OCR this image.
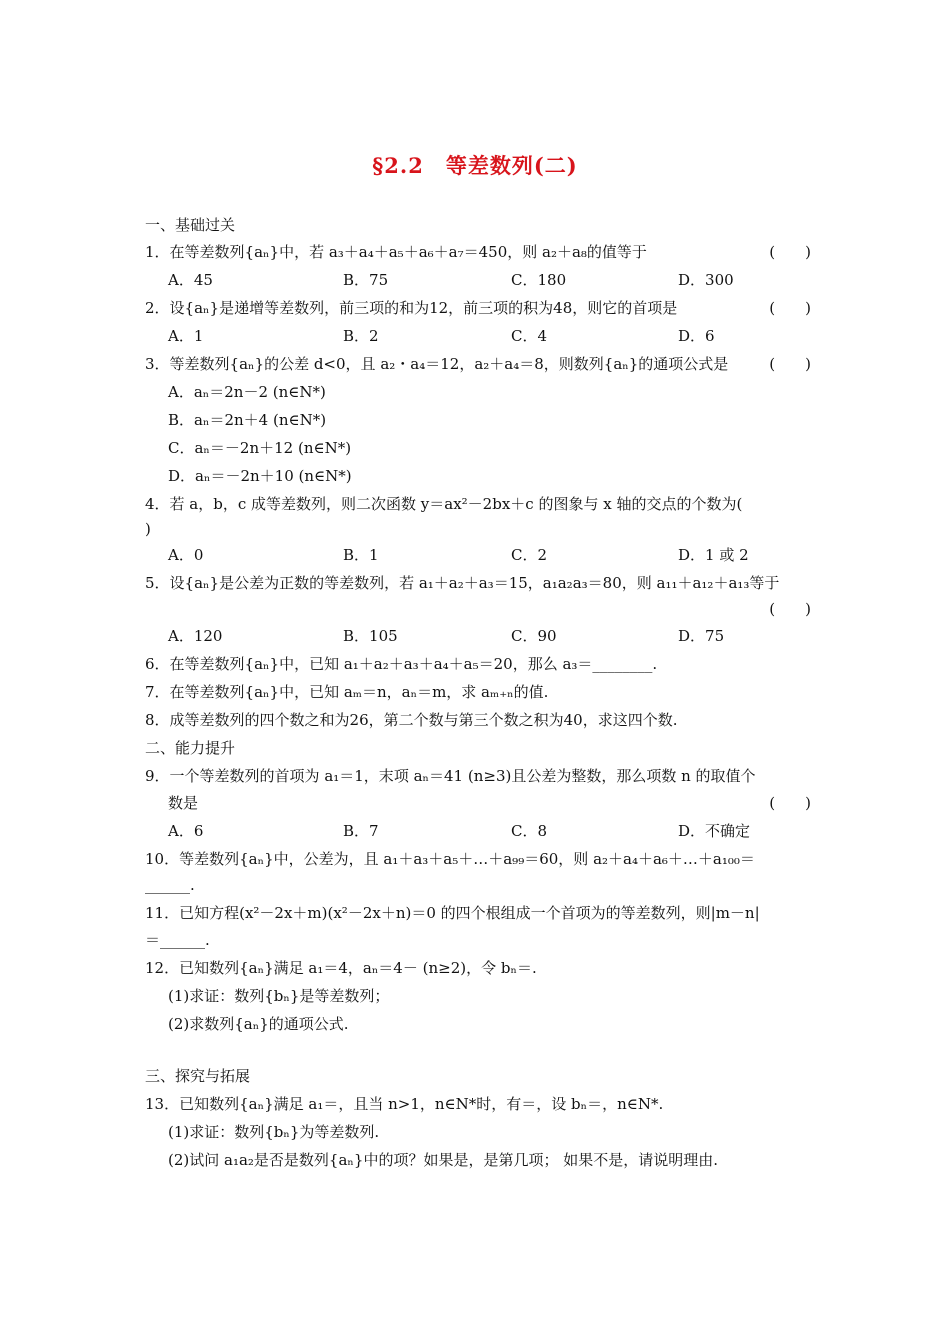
§2.2　等差数列(二)
一、基础过关
1．在等差数列{aₙ}中，若 a₃＋a₄＋a₅＋a₆＋a₇＝450，则 a₂＋a₈的值等于	(　　)
A．45	B．75	C．180	D．300
2．设{aₙ}是递增等差数列，前三项的和为12，前三项的积为48，则它的首项是	(　　)
A．1	B．2	C．4	D．6
3．等差数列{aₙ}的公差 d<0，且 a₂・a₄＝12，a₂＋a₄＝8，则数列{aₙ}的通项公式是	(　　)
A．aₙ＝2n－2 (n∈N*)
B．aₙ＝2n＋4 (n∈N*)
C．aₙ＝－2n＋12 (n∈N*)
D．aₙ＝－2n＋10 (n∈N*)
4．若 a，b，c 成等差数列，则二次函数 y＝ax²－2bx＋c 的图象与 x 轴的交点的个数为(
)
A．0	B．1	C．2	D．1 或 2
5．设{aₙ}是公差为正数的等差数列，若 a₁＋a₂＋a₃＝15，a₁a₂a₃＝80，则 a₁₁＋a₁₂＋a₁₃等于
(　　)
A．120	B．105	C．90	D．75
6．在等差数列{aₙ}中，已知 a₁＋a₂＋a₃＋a₄＋a₅＝20，那么 a₃＝________.
7．在等差数列{aₙ}中，已知 aₘ＝n，aₙ＝m，求 aₘ₊ₙ的值.
8．成等差数列的四个数之和为26，第二个数与第三个数之积为40，求这四个数.
二、能力提升
9．一个等差数列的首项为 a₁＝1，末项 aₙ＝41 (n≥3)且公差为整数，那么项数 n 的取值个
数是	(　　)
A．6	B．7	C．8	D．不确定
10．等差数列{aₙ}中，公差为，且 a₁＋a₃＋a₅＋…＋a₉₉＝60，则 a₂＋a₄＋a₆＋…＋a₁₀₀＝
______.
11．已知方程(x²－2x＋m)(x²－2x＋n)＝0 的四个根组成一个首项为的等差数列，则|m－n|
＝______.
12．已知数列{aₙ}满足 a₁＝4，aₙ＝4－ (n≥2)，令 bₙ＝.
(1)求证：数列{bₙ}是等差数列；
(2)求数列{aₙ}的通项公式.
三、探究与拓展
13．已知数列{aₙ}满足 a₁＝，且当 n>1，n∈N*时，有＝，设 bₙ＝，n∈N*.
(1)求证：数列{bₙ}为等差数列.
(2)试问 a₁a₂是否是数列{aₙ}中的项？如果是，是第几项； 如果不是，请说明理由.
